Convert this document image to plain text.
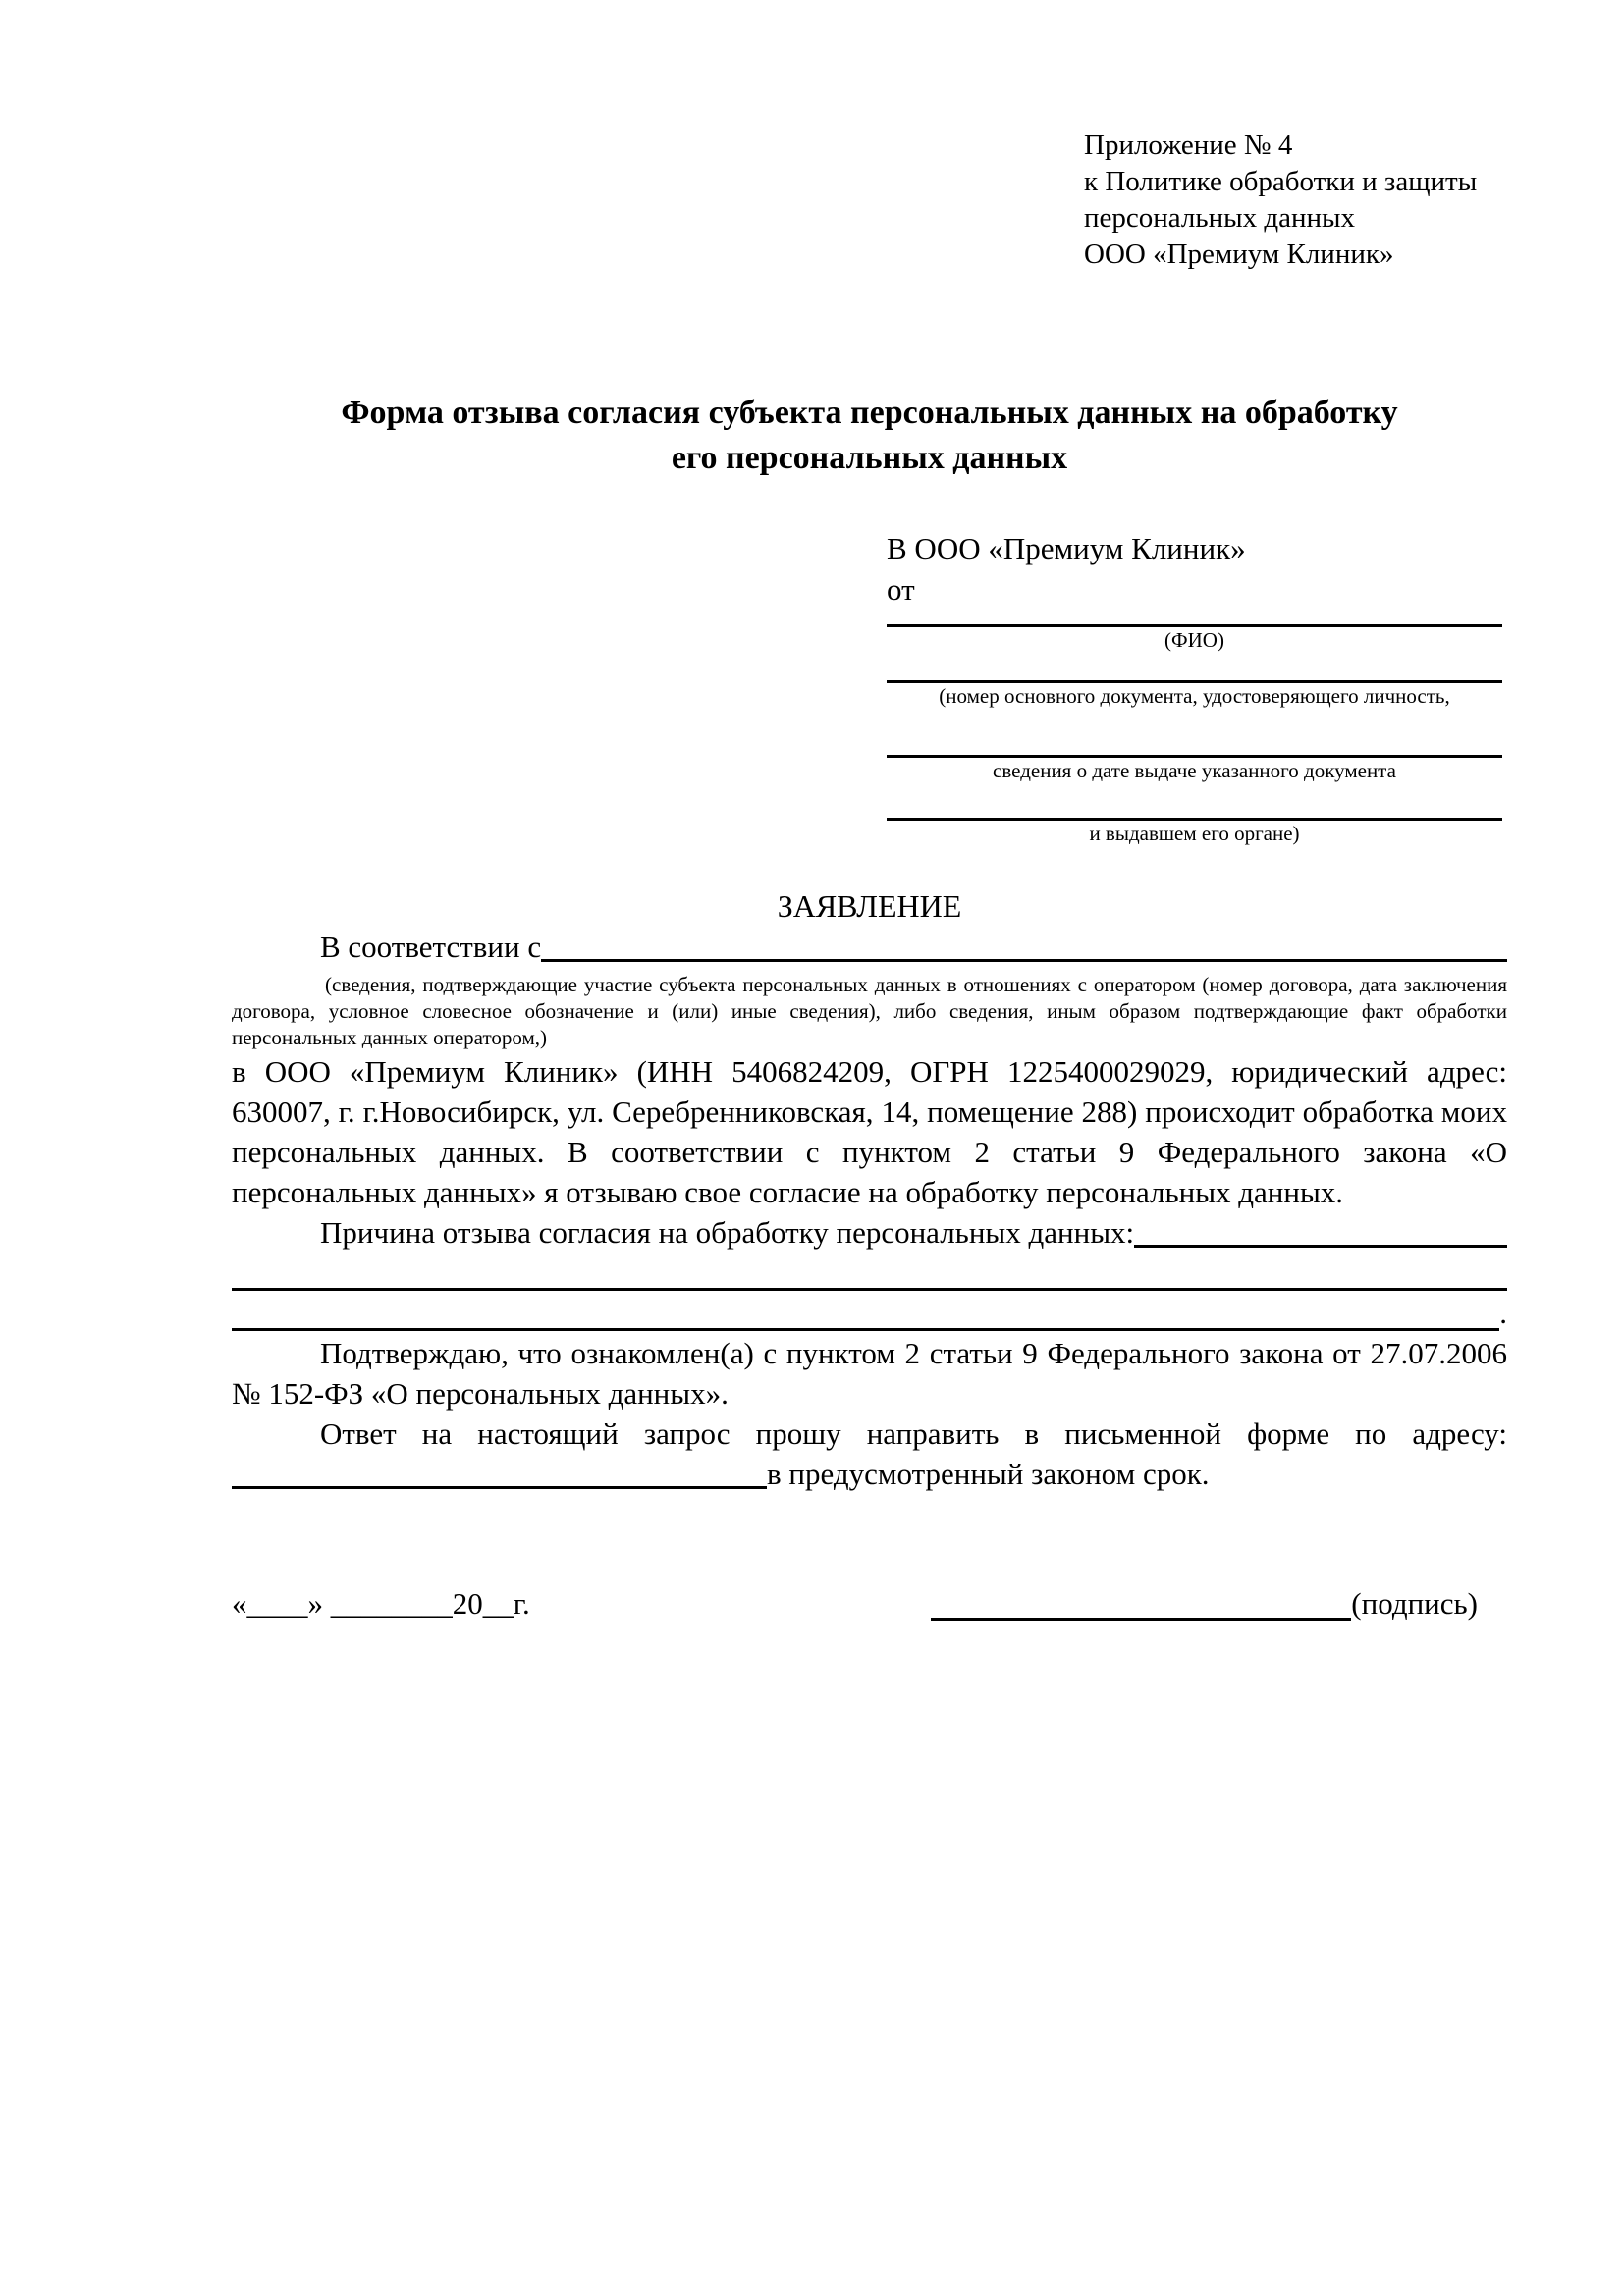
Приложение № 4
к Политике обработки и защиты
персональных данных
ООО «Премиум Клиник»
Форма отзыва согласия субъекта персональных данных на обработку
его персональных данных
В ООО «Премиум Клиник»
от
(ФИО)
(номер основного документа, удостоверяющего личность,
сведения о дате выдаче указанного документа
и выдавшем его органе)
ЗАЯВЛЕНИЕ
В соответствии с

(сведения, подтверждающие участие субъекта персональных данных в отношениях с оператором (номер договора, дата заключения договора, условное словесное обозначение и (или) иные сведения), либо сведения, иным образом подтверждающие факт обработки персональных данных оператором,)

в ООО «Премиум Клиник» (ИНН 5406824209, ОГРН 1225400029029, юридический адрес: 630007, г. г.Новосибирск, ул. Серебренниковская, 14, помещение 288) происходит обработка моих персональных данных. В соответствии с пунктом 2 статьи 9 Федерального закона «О персональных данных» я отзываю свое согласие на обработку персональных данных.

Причина отзыва согласия на обработку персональных данных:
.

Подтверждаю, что ознакомлен(а) с пунктом 2 статьи 9 Федерального закона от 27.07.2006 № 152-ФЗ «О персональных данных».

Ответ на настоящий запрос прошу направить в письменной форме по адресу:

в предусмотренный законом срок.
«____» ________20__г.	(подпись)
